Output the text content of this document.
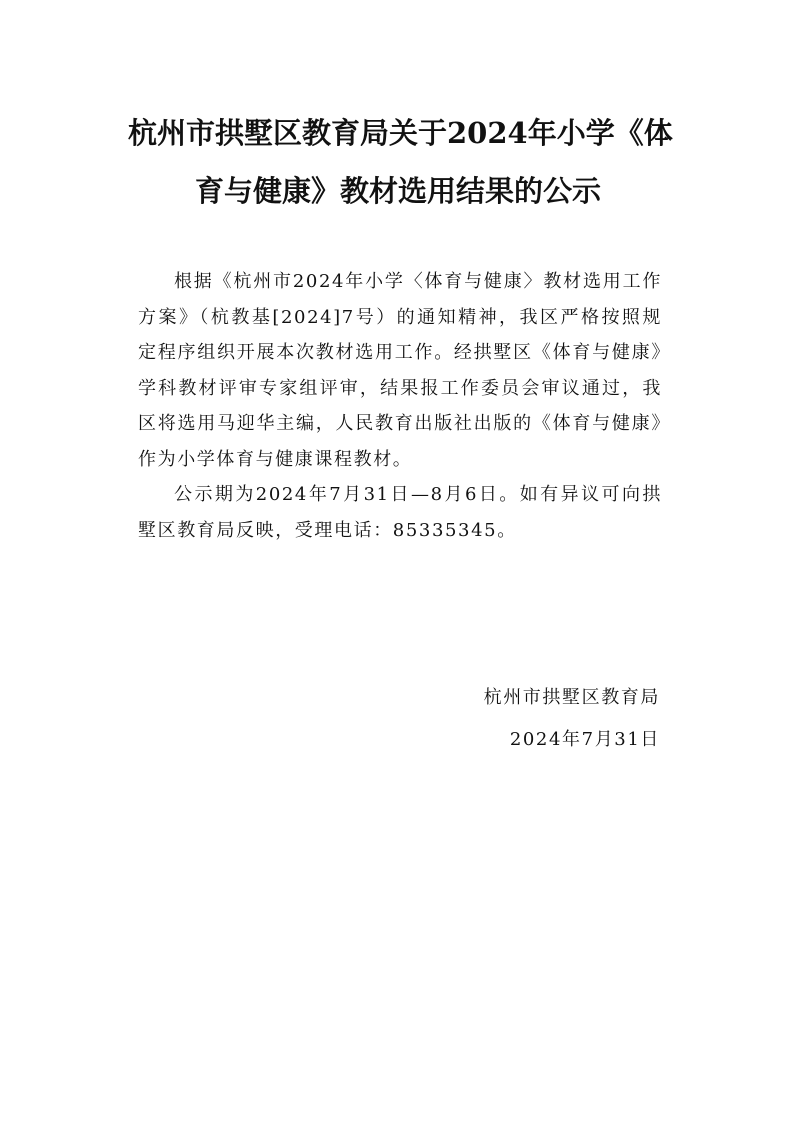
杭州市拱墅区教育局关于2024年小学《体
育与健康》教材选用结果的公示

根据《杭州市2024年小学〈体育与健康〉教材选用工作方案》（杭教基[2024]7号）的通知精神，我区严格按照规定程序组织开展本次教材选用工作。经拱墅区《体育与健康》学科教材评审专家组评审，结果报工作委员会审议通过，我区将选用马迎华主编，人民教育出版社出版的《体育与健康》作为小学体育与健康课程教材。

公示期为2024年7月31日—8月6日。如有异议可向拱墅区教育局反映，受理电话：85335345。

杭州市拱墅区教育局
2024年7月31日
